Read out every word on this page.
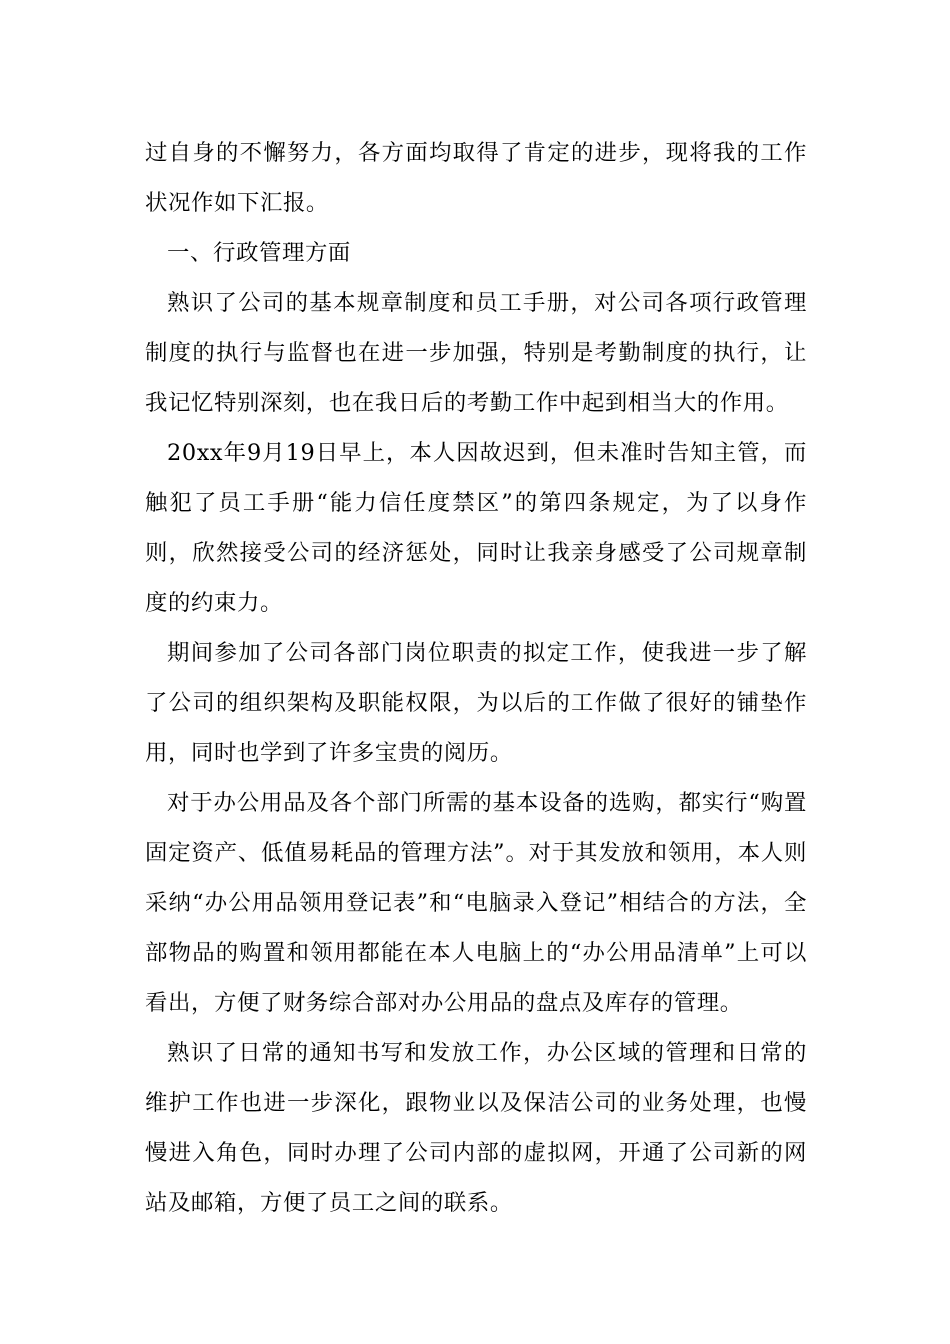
过自身的不懈努力，各方面均取得了肯定的进步，现将我的工作状况作如下汇报。

一、行政管理方面

熟识了公司的基本规章制度和员工手册，对公司各项行政管理制度的执行与监督也在进一步加强，特别是考勤制度的执行，让我记忆特别深刻，也在我日后的考勤工作中起到相当大的作用。

20xx年9月19日早上，本人因故迟到，但未准时告知主管，而触犯了员工手册“能力信任度禁区”的第四条规定，为了以身作则，欣然接受公司的经济惩处，同时让我亲身感受了公司规章制度的约束力。

期间参加了公司各部门岗位职责的拟定工作，使我进一步了解了公司的组织架构及职能权限，为以后的工作做了很好的铺垫作用，同时也学到了许多宝贵的阅历。

对于办公用品及各个部门所需的基本设备的选购，都实行“购置固定资产、低值易耗品的管理方法”。对于其发放和领用，本人则采纳“办公用品领用登记表”和“电脑录入登记”相结合的方法，全部物品的购置和领用都能在本人电脑上的“办公用品清单”上可以看出，方便了财务综合部对办公用品的盘点及库存的管理。

熟识了日常的通知书写和发放工作，办公区域的管理和日常的维护工作也进一步深化，跟物业以及保洁公司的业务处理，也慢慢进入角色，同时办理了公司内部的虚拟网，开通了公司新的网站及邮箱，方便了员工之间的联系。
